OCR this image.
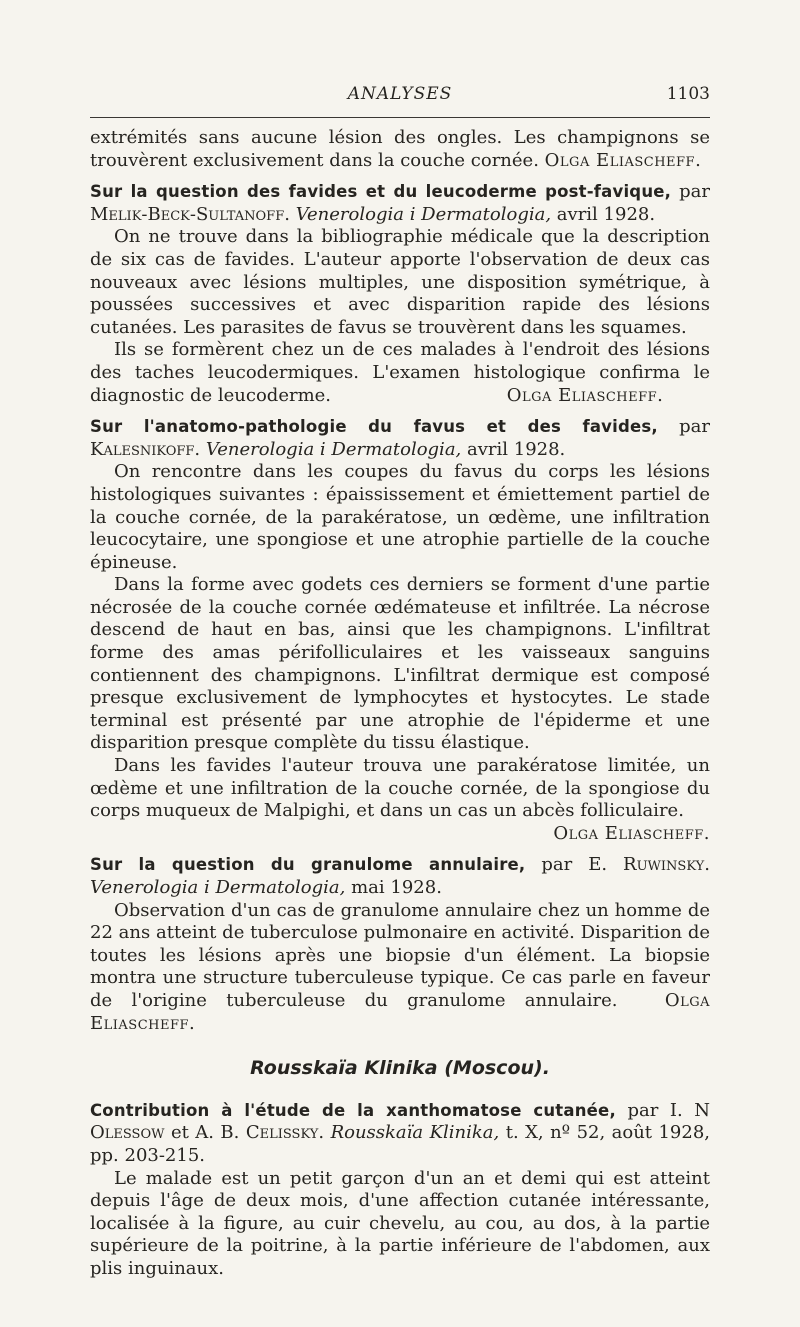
ANALYSES	1103

extrémités sans aucune lésion des ongles. Les champignons se trouvèrent exclusivement dans la couche cornée. Olga Eliascheff.

Sur la question des favides et du leucoderme post-favique, par Melik-Beck-Sultanoff. Venerologia i Dermatologia, avril 1928.

On ne trouve dans la bibliographie médicale que la description de six cas de favides. L'auteur apporte l'observation de deux cas nouveaux avec lésions multiples, une disposition symétrique, à poussées successives et avec disparition rapide des lésions cutanées. Les parasites de favus se trouvèrent dans les squames.

Ils se formèrent chez un de ces malades à l'endroit des lésions des taches leucodermiques. L'examen histologique confirma le diagnostic de leucoderme.	Olga Eliascheff.

Sur l'anatomo-pathologie du favus et des favides, par Kalesnikoff. Venerologia i Dermatologia, avril 1928.

On rencontre dans les coupes du favus du corps les lésions histologiques suivantes : épaississement et émiettement partiel de la couche cornée, de la parakératose, un œdème, une infiltration leucocytaire, une spongiose et une atrophie partielle de la couche épineuse.

Dans la forme avec godets ces derniers se forment d'une partie nécrosée de la couche cornée œdémateuse et infiltrée. La nécrose descend de haut en bas, ainsi que les champignons. L'infiltrat forme des amas périfolliculaires et les vaisseaux sanguins contiennent des champignons. L'infiltrat dermique est composé presque exclusivement de lymphocytes et hystocytes. Le stade terminal est présenté par une atrophie de l'épiderme et une disparition presque complète du tissu élastique.

Dans les favides l'auteur trouva une parakératose limitée, un œdème et une infiltration de la couche cornée, de la spongiose du corps muqueux de Malpighi, et dans un cas un abcès folliculaire.

Olga Eliascheff.

Sur la question du granulome annulaire, par E. Ruwinsky. Venerologia i Dermatologia, mai 1928.

Observation d'un cas de granulome annulaire chez un homme de 22 ans atteint de tuberculose pulmonaire en activité. Disparition de toutes les lésions après une biopsie d'un élément. La biopsie montra une structure tuberculeuse typique. Ce cas parle en faveur de l'origine tuberculeuse du granulome annulaire.	Olga Eliascheff.

Rousskaïa Klinika (Moscou).

Contribution à l'étude de la xanthomatose cutanée, par I. N Olessow et A. B. Celissky. Rousskaïa Klinika, t. X, nº 52, août 1928, pp. 203-215.

Le malade est un petit garçon d'un an et demi qui est atteint depuis l'âge de deux mois, d'une affection cutanée intéressante, localisée à la figure, au cuir chevelu, au cou, au dos, à la partie supérieure de la poitrine, à la partie inférieure de l'abdomen, aux plis inguinaux.
